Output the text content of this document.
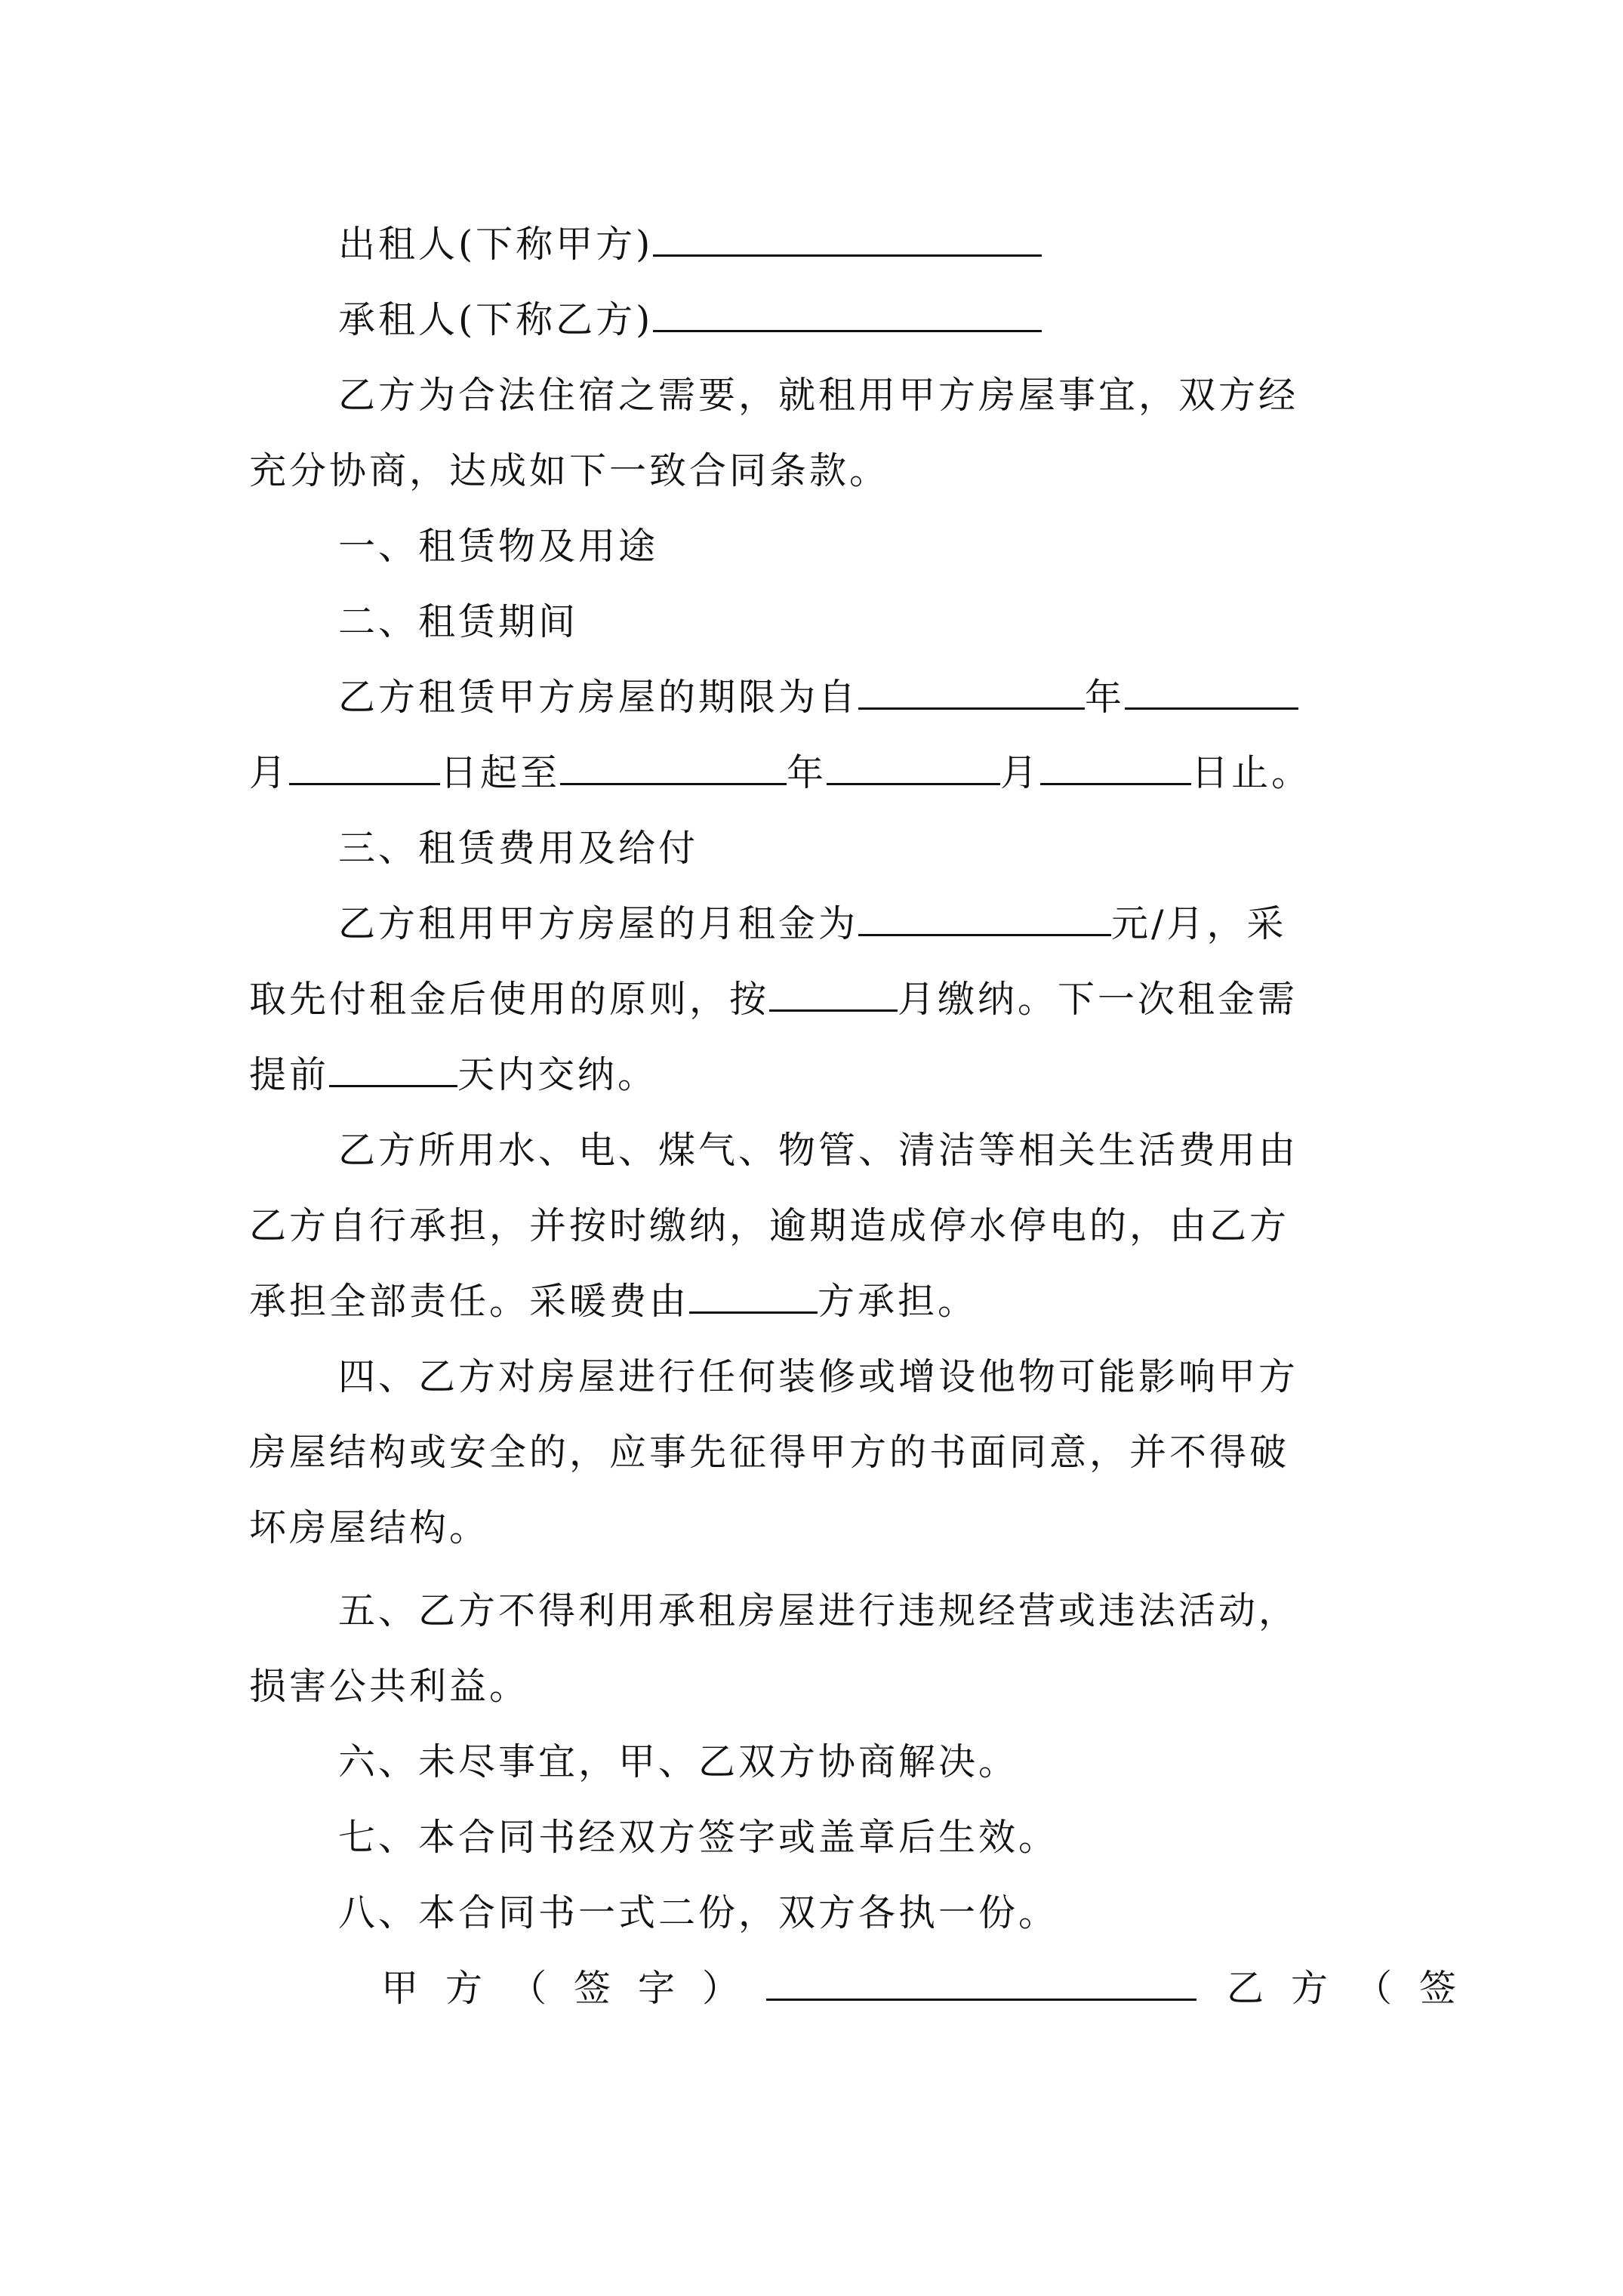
出租人(下称甲方)
承租人(下称乙方)
乙方为合法住宿之需要，就租用甲方房屋事宜，双方经
充分协商，达成如下一致合同条款。
一、租赁物及用途
二、租赁期间
乙方租赁甲方房屋的期限为自	年
月	日起至	年	月	日止。
三、租赁费用及给付
乙方租用甲方房屋的月租金为	元/月，采
取先付租金后使用的原则，按	月缴纳。下一次租金需
提前	天内交纳。
乙方所用水、电、煤气、物管、清洁等相关生活费用由
乙方自行承担，并按时缴纳，逾期造成停水停电的，由乙方
承担全部责任。采暖费由	方承担。
四、乙方对房屋进行任何装修或增设他物可能影响甲方
房屋结构或安全的，应事先征得甲方的书面同意，并不得破
坏房屋结构。
五、乙方不得利用承租房屋进行违规经营或违法活动，
损害公共利益。
六、未尽事宜，甲、乙双方协商解决。
七、本合同书经双方签字或盖章后生效。
八、本合同书一式二份，双方各执一份。
甲方（签字）	乙方（签
